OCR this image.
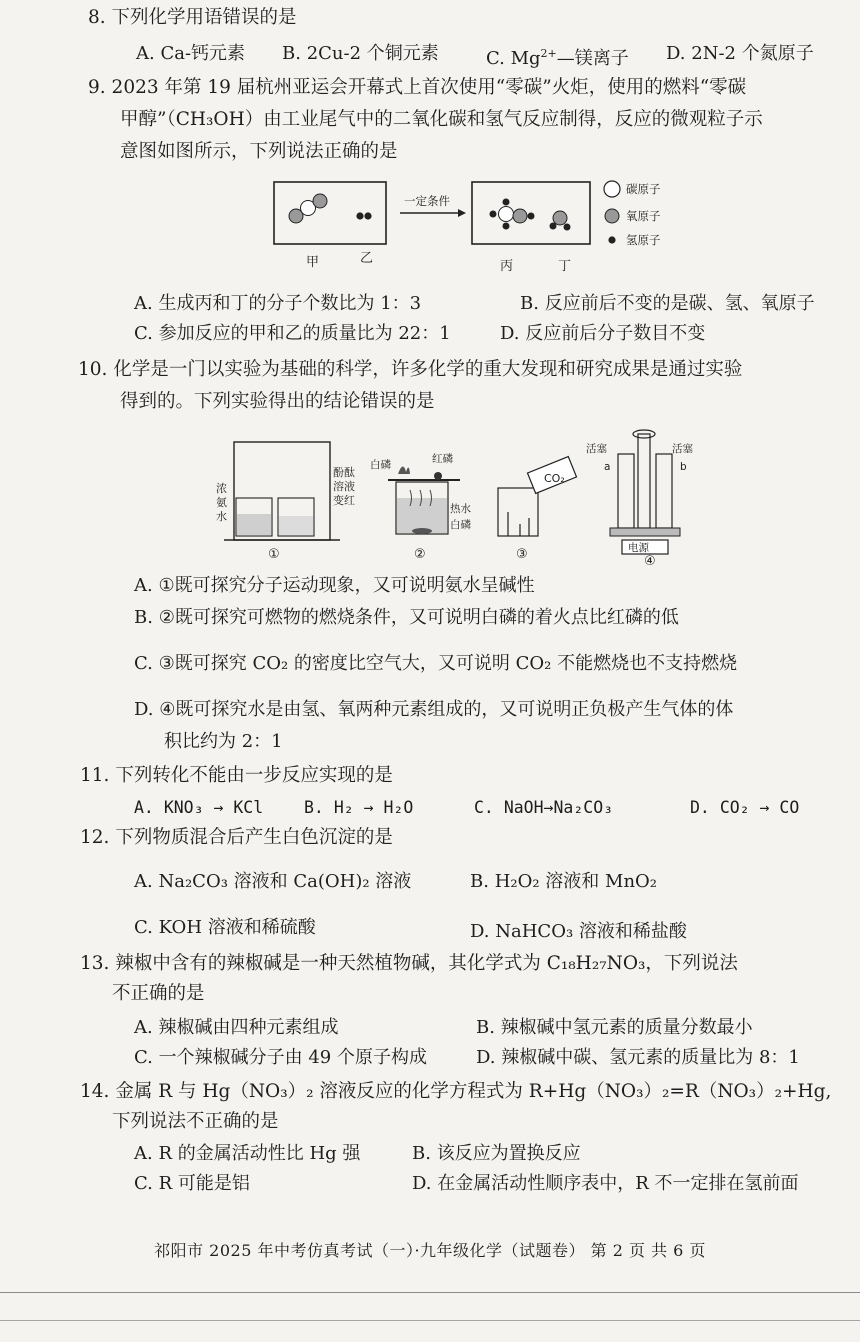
8. 下列化学用语错误的是
A. Ca-钙元素 B. 2Cu-2 个铜元素	C. $Mg^{2+}—$镁离子 D. 2N-2 个氮原子
9. 2023 年第 19 届杭州亚运会开幕式上首次使用“零碳”火炬，使用的燃料“零碳
甲醇”（CH₃OH）由工业尾气中的二氧化碳和氢气反应制得，反应的微观粒子示
意图如图所示，下列说法正确的是
一定条件
甲	乙
丙	丁
碳原子
氧原子
氢原子
A. 生成丙和丁的分子个数比为 1：3	B. 反应前后不变的是碳、氢、氧原子
C. 参加反应的甲和乙的质量比为 22：1	D. 反应前后分子数目不变
10. 化学是一门以实验为基础的科学，许多化学的重大发现和研究成果是通过实验
得到的。下列实验得出的结论错误的是
浓
氨
水
酚酞
溶液
变红
①
白磷	红磷
热水
白磷
②
CO₂
③	电源
活塞	活塞
a	b
④
A. ①既可探究分子运动现象，又可说明氨水呈碱性
B. ②既可探究可燃物的燃烧条件，又可说明白磷的着火点比红磷的低
C. ③既可探究 CO₂ 的密度比空气大，又可说明 CO₂ 不能燃烧也不支持燃烧
D. ④既可探究水是由氢、氧两种元素组成的，又可说明正负极产生气体的体
积比约为 2：1
11. 下列转化不能由一步反应实现的是
A. KNO₃ → KCl B. H₂ → H₂O	C. NaOH→Na₂CO₃	D. CO₂ → CO
12. 下列物质混合后产生白色沉淀的是
A. Na₂CO₃ 溶液和 Ca(OH)₂ 溶液	B. H₂O₂ 溶液和 MnO₂
C. KOH 溶液和稀硫酸	D. NaHCO₃ 溶液和稀盐酸
13. 辣椒中含有的辣椒碱是一种天然植物碱，其化学式为 C₁₈H₂₇NO₃，下列说法
不正确的是
A. 辣椒碱由四种元素组成	B. 辣椒碱中氢元素的质量分数最小
C. 一个辣椒碱分子由 49 个原子构成	D. 辣椒碱中碳、氢元素的质量比为 8：1
14. 金属 R 与 Hg（NO₃）₂ 溶液反应的化学方程式为 R+Hg（NO₃）₂=R（NO₃）₂+Hg,
下列说法不正确的是
A. R 的金属活动性比 Hg 强	B. 该反应为置换反应
C. R 可能是铝	D. 在金属活动性顺序表中，R 不一定排在氢前面
祁阳市 2025 年中考仿真考试（一）·九年级化学（试题卷） 第 2 页 共 6 页
